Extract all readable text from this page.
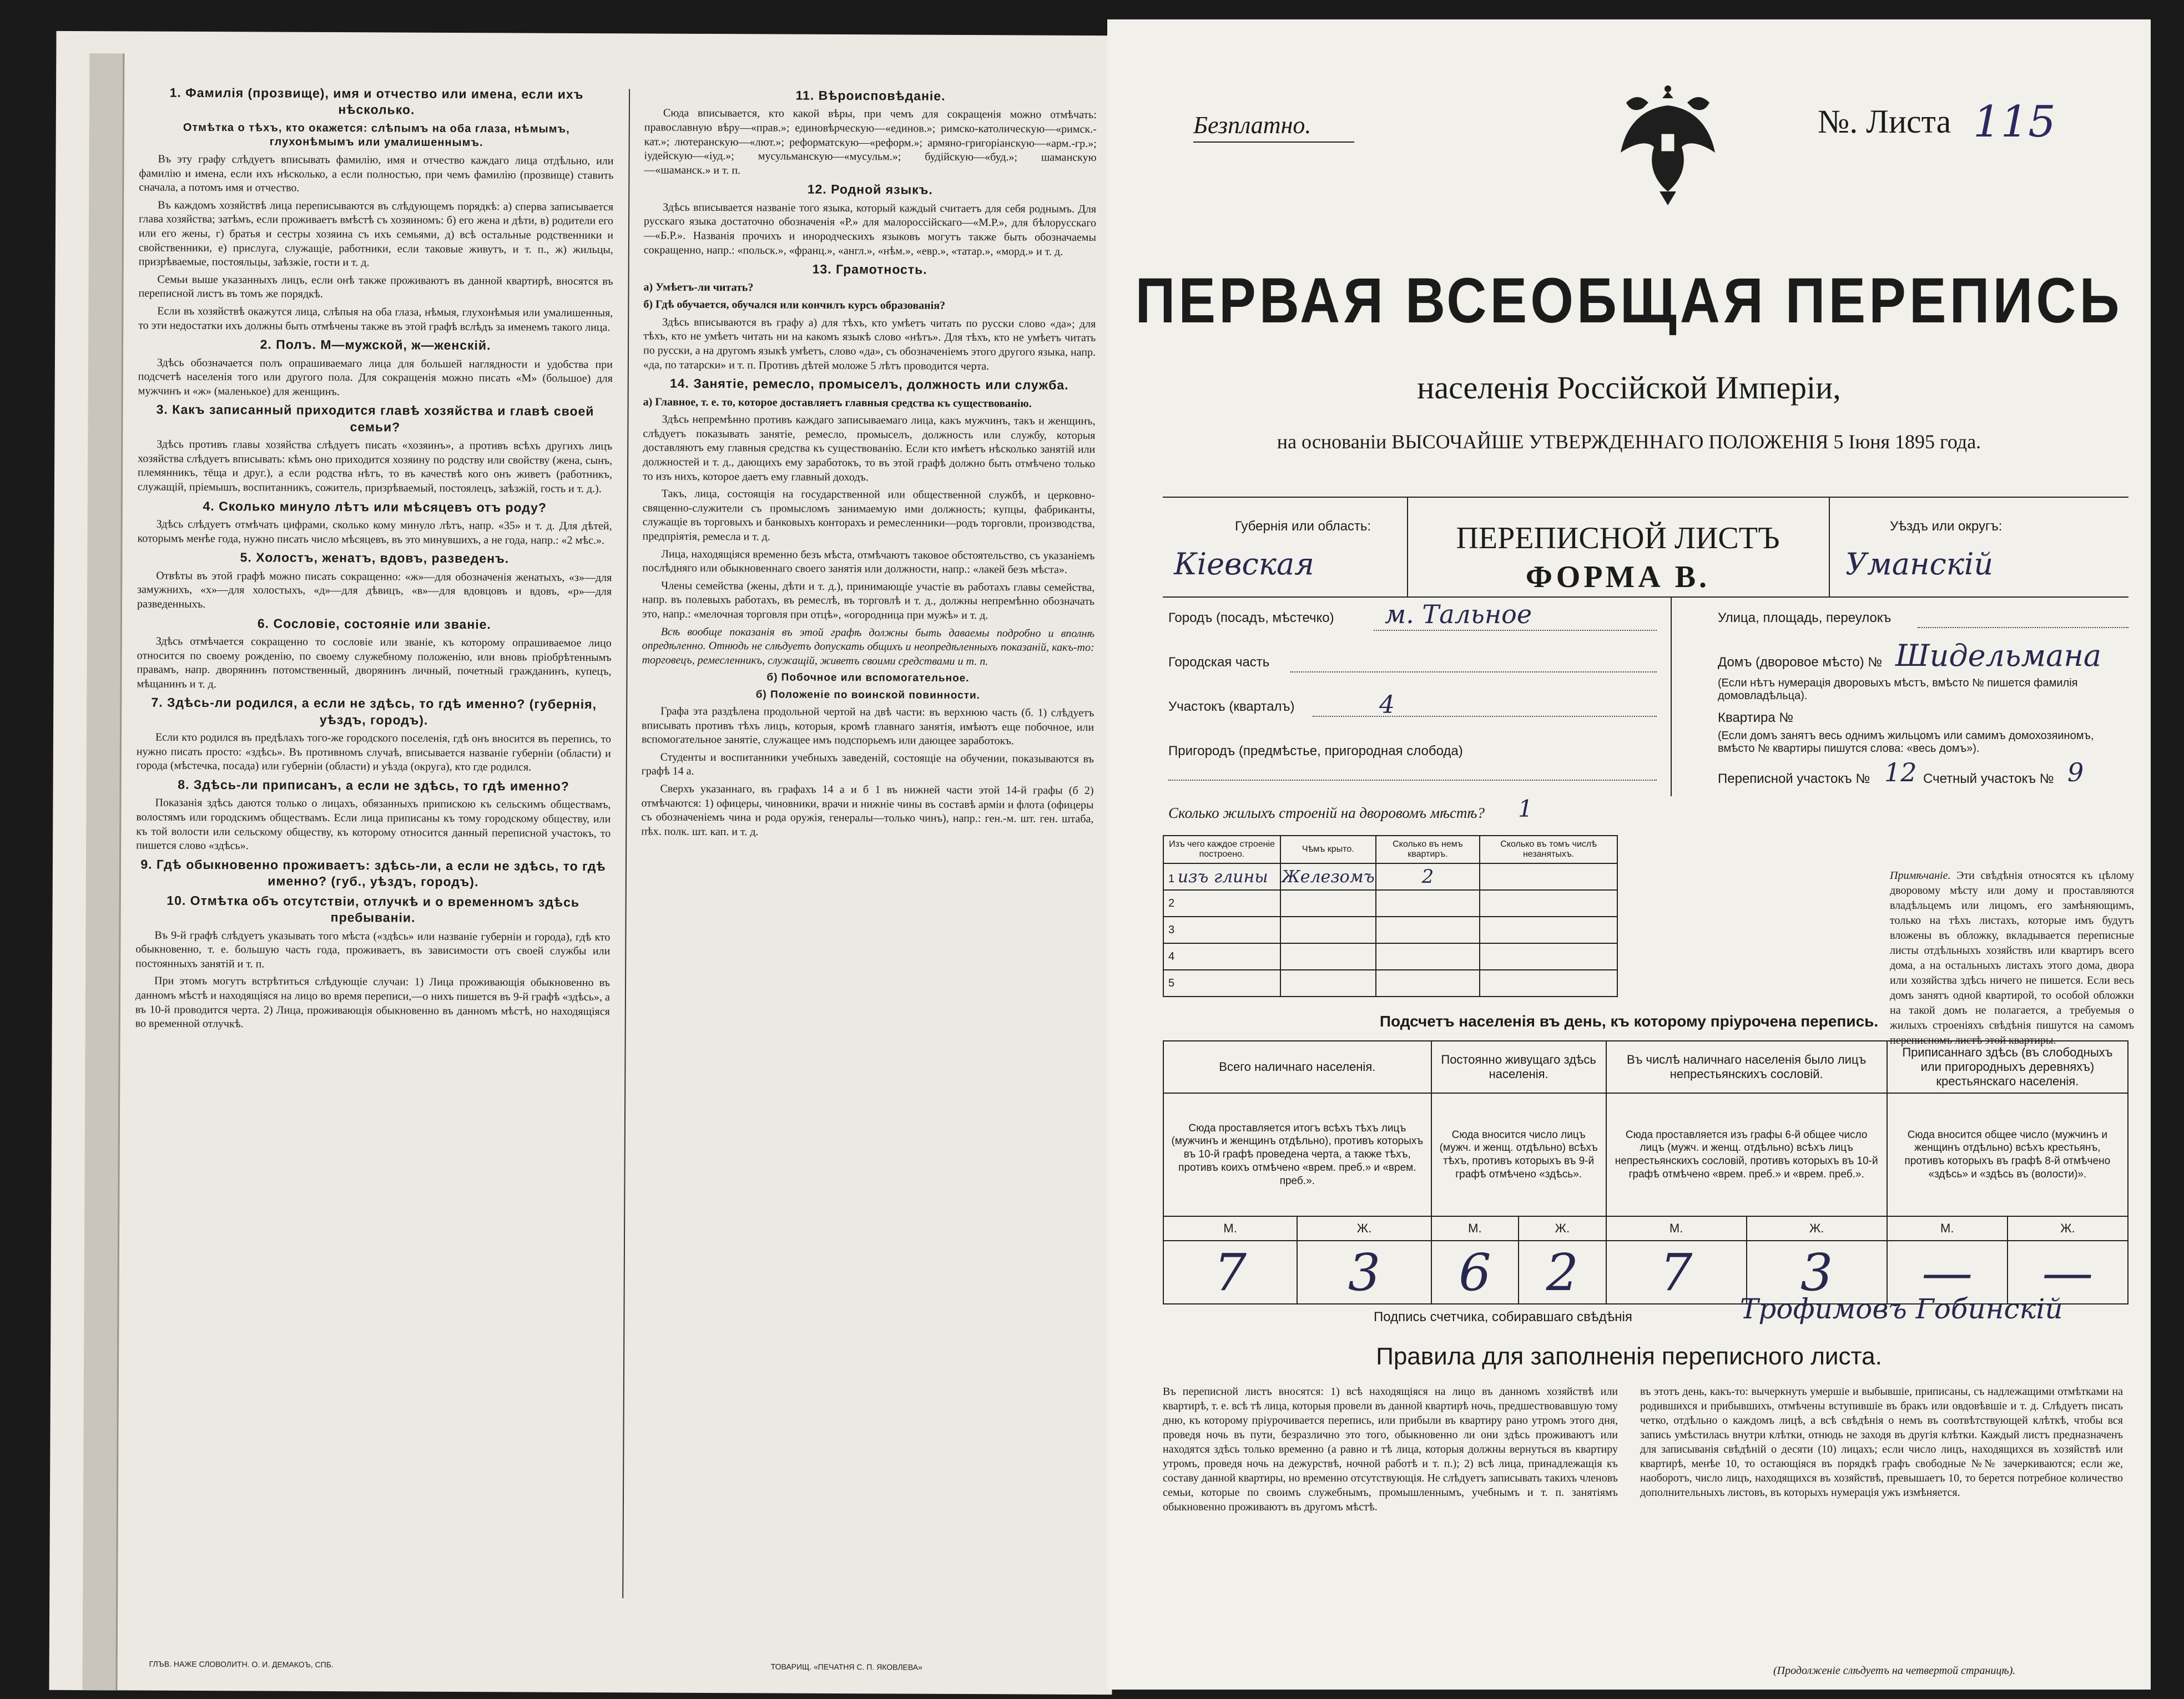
1. Фамилія (прозвище), имя и отчество или имена, если ихъ нѣсколько.
Отмѣтка о тѣхъ, кто окажется: слѣпымъ на оба глаза, нѣмымъ, глухонѣмымъ или умалишеннымъ.

Въ эту графу слѣдуетъ вписывать фамилію, имя и отчество каждаго лица отдѣльно, или фамилію и имена, если ихъ нѣсколько, а если полностью, при чемъ фамилію (прозвище) ставить сначала, а потомъ имя и отчество.

Въ каждомъ хозяйствѣ лица переписываются въ слѣдующемъ порядкѣ: а) сперва записывается глава хозяйства; затѣмъ, если проживаетъ вмѣстѣ съ хозяиномъ: б) его жена и дѣти, в) родители его или его жены, г) братья и сестры хозяина съ ихъ семьями, д) всѣ остальные родственники и свойственники, е) прислуга, служащіе, работники, если таковые живутъ, и т. п., ж) жильцы, призрѣваемые, постояльцы, заѣзжіе, гости и т. д.

Семьи выше указанныхъ лицъ, если онѣ также проживаютъ въ данной квартирѣ, вносятся въ переписной листъ въ томъ же порядкѣ.

Если въ хозяйствѣ окажутся лица, слѣпыя на оба глаза, нѣмыя, глухонѣмыя или умалишенныя, то эти недостатки ихъ должны быть отмѣчены также въ этой графѣ вслѣдъ за именемъ такого лица.

2. Полъ. М—мужской, ж—женскій.

Здѣсь обозначается полъ опрашиваемаго лица для большей наглядности и удобства при подсчетѣ населенія того или другого пола. Для сокращенія можно писать «М» (большое) для мужчинъ и «ж» (маленькое) для женщинъ.

3. Какъ записанный приходится главѣ хозяйства и главѣ своей семьи?

Здѣсь противъ главы хозяйства слѣдуетъ писать «хозяинъ», а противъ всѣхъ другихъ лицъ хозяйства слѣдуетъ вписывать: кѣмъ оно приходится хозяину по родству или свойству (жена, сынъ, племянникъ, тёща и друг.), а если родства нѣтъ, то въ качествѣ кого онъ живетъ (работникъ, служащій, пріемышъ, воспитанникъ, сожитель, призрѣваемый, постоялецъ, заѣзжій, гость и т. д.).

4. Сколько минуло лѣтъ или мѣсяцевъ отъ роду?

Здѣсь слѣдуетъ отмѣчать цифрами, сколько кому минуло лѣтъ, напр. «35» и т. д. Для дѣтей, которымъ менѣе года, нужно писать число мѣсяцевъ, въ это минувшихъ, а не года, напр.: «2 мѣс.».

5. Холостъ, женатъ, вдовъ, разведенъ.

Отвѣты въ этой графѣ можно писать сокращенно: «ж»—для обозначенія женатыхъ, «з»—для замужнихъ, «х»—для холостыхъ, «д»—для дѣвицъ, «в»—для вдовцовъ и вдовъ, «р»—для разведенныхъ.

6. Сословіе, состояніе или званіе.

Здѣсь отмѣчается сокращенно то сословіе или званіе, къ которому опрашиваемое лицо относится по своему рожденію, по своему служебному положенію, или вновь пріобрѣтеннымъ правамъ, напр. дворянинъ потомственный, дворянинъ личный, почетный гражданинъ, купецъ, мѣщанинъ и т. д.

7. Здѣсь-ли родился, а если не здѣсь, то гдѣ именно? (губернія, уѣздъ, городъ).

Если кто родился въ предѣлахъ того-же городского поселенія, гдѣ онъ вносится въ перепись, то нужно писать просто: «здѣсь». Въ противномъ случаѣ, вписывается названіе губерніи (области) и города (мѣстечка, посада) или губерніи (области) и уѣзда (округа), кто где родился.

8. Здѣсь-ли приписанъ, а если не здѣсь, то гдѣ именно?

Показанія здѣсь даются только о лицахъ, обязанныхъ припискою къ сельскимъ обществамъ, волостямъ или городскимъ обществамъ. Если лица приписаны къ тому городскому обществу, или къ той волости или сельскому обществу, къ которому относится данный переписной участокъ, то пишется слово «здѣсь».

9. Гдѣ обыкновенно проживаетъ: здѣсь-ли, а если не здѣсь, то гдѣ именно? (губ., уѣздъ, городъ).
10. Отмѣтка объ отсутствіи, отлучкѣ и о временномъ здѣсь пребываніи.

Въ 9-й графѣ слѣдуетъ указывать того мѣста («здѣсь» или названіе губерніи и города), гдѣ кто обыкновенно, т. е. большую часть года, проживаетъ, въ зависимости отъ своей службы или постоянныхъ занятій и т. п.

При этомъ могутъ встрѣтиться слѣдующіе случаи: 1) Лица проживающія обыкновенно въ данномъ мѣстѣ и находящіяся на лицо во время переписи,—о нихъ пишется въ 9-й графѣ «здѣсь», а въ 10-й проводится черта. 2) Лица, проживающія обыкновенно въ данномъ мѣстѣ, но находящіяся во временной отлучкѣ.

11. Вѣроисповѣданіе.

Сюда вписывается, кто какой вѣры, при чемъ для сокращенія можно отмѣчать: православную вѣру—«прав.»; единовѣрческую—«единов.»; римско-католическую—«римск.-кат.»; лютеранскую—«лют.»; реформатскую—«реформ.»; армяно-григоріанскую—«арм.-гр.»; іудейскую—«іуд.»; мусульманскую—«мусульм.»; будійскую—«буд.»; шаманскую—«шаманск.» и т. п.

12. Родной языкъ.

Здѣсь вписывается названіе того языка, который каждый считаетъ для себя роднымъ. Для русскаго языка достаточно обозначенія «Р.» для малороссійскаго—«М.Р.», для бѣлорусскаго—«Б.Р.». Названія прочихъ и инородческихъ языковъ могутъ также быть обозначаемы сокращенно, напр.: «польск.», «франц.», «англ.», «нѣм.», «евр.», «татар.», «морд.» и т. д.

13. Грамотность.

а) Умѣетъ-ли читать?

б) Гдѣ обучается, обучался или кончилъ курсъ образованія?

Здѣсь вписываются въ графу а) для тѣхъ, кто умѣетъ читать по русски слово «да»; для тѣхъ, кто не умѣетъ читать ни на какомъ языкѣ слово «нѣтъ». Для тѣхъ, кто не умѣетъ читать по русски, а на другомъ языкѣ умѣетъ, слово «да», съ обозначеніемъ этого другого языка, напр. «да, по татарски» и т. п. Противъ дѣтей моложе 5 лѣтъ проводится черта.

14. Занятіе, ремесло, промыселъ, должность или служба.

а) Главное, т. е. то, которое доставляетъ главныя средства къ существованію.

Здѣсь непремѣнно противъ каждаго записываемаго лица, какъ мужчинъ, такъ и женщинъ, слѣдуетъ показывать занятіе, ремесло, промыселъ, должность или службу, которыя доставляютъ ему главныя средства къ существованію. Если кто имѣетъ нѣсколько занятій или должностей и т. д., дающихъ ему заработокъ, то въ этой графѣ должно быть отмѣчено только то изъ нихъ, которое даетъ ему главный доходъ.

Такъ, лица, состоящія на государственной или общественной службѣ, и церковно-священно-служители съ промысломъ занимаемую ими должность; купцы, фабриканты, служащіе въ торговыхъ и банковыхъ конторахъ и ремесленники—родъ торговли, производства, предпріятія, ремесла и т. д.

Лица, находящіяся временно безъ мѣста, отмѣчаютъ таковое обстоятельство, съ указаніемъ послѣдняго или обыкновеннаго своего занятія или должности, напр.: «лакей безъ мѣста».

Члены семейства (жены, дѣти и т. д.), принимающіе участіе въ работахъ главы семейства, напр. въ полевыхъ работахъ, въ ремеслѣ, въ торговлѣ и т. д., должны непремѣнно обозначать это, напр.: «мелочная торговля при отцѣ», «огородница при мужѣ» и т. д.

Всѣ вообще показанія въ этой графѣ должны быть даваемы подробно и вполнѣ опредѣленно. Отнюдь не слѣдуетъ допускать общихъ и неопредѣленныхъ показаній, какъ-то: торговецъ, ремесленникъ, служащій, живетъ своими средствами и т. п.

б) Побочное или вспомогательное.
б) Положеніе по воинской повинности.

Графа эта раздѣлена продольной чертой на двѣ части: въ верхнюю часть (б. 1) слѣдуетъ вписывать противъ тѣхъ лицъ, которыя, кромѣ главнаго занятія, имѣютъ еще побочное, или вспомогательное занятіе, служащее имъ подспорьемъ или дающее заработокъ.

Студенты и воспитанники учебныхъ заведеній, состоящіе на обучении, показываются въ графѣ 14 а.

Сверхъ указаннаго, въ графахъ 14 а и б 1 въ нижней части этой 14-й графы (б 2) отмѣчаются: 1) офицеры, чиновники, врачи и нижніе чины въ составѣ арміи и флота (офицеры съ обозначеніемъ чина и рода оружія, генералы—только чинъ), напр.: ген.-м. шт. ген. штаба, пѣх. полк. шт. кап. и т. д.

ГЛЪВ. НАЖЕ СЛОВОЛИТН. О. И. ДЕМАКОЪ, СПБ.	ТОВАРИЩ. «ПЕЧАТНЯ С. П. ЯКОВЛЕВА»
Безплатно.	№. Листа 115
ПЕРВАЯ ВСЕОБЩАЯ ПЕРЕПИСЬ
населенія Россійской Имперіи,
на основаніи ВЫСОЧАЙШЕ УТВЕРЖДЕННАГО ПОЛОЖЕНІЯ 5 Іюня 1895 года.
ПЕРЕПИСНОЙ ЛИСТЪ
ФОРМА В.
Губернія или область:
Кіевская
Уѣздъ или округъ:
Уманскій
Городъ (посадъ, мѣстечко) м. Тальное
Городская часть
Участокъ (кварталъ)	4
Пригородъ (предмѣстье, пригородная слобода)
Улица, площадь, переулокъ
Домъ (дворовое мѣсто) № Шидельмана
(Если нѣтъ нумерація дворовыхъ мѣстъ, вмѣсто № пишется фамилія домовладѣльца).
Квартира №
(Если домъ занятъ весь однимъ жильцомъ или самимъ домохозяиномъ, вмѣсто № квартиры пишутся слова: «весь домъ»).
Переписной участокъ № 12 Счетный участокъ № 9
Сколько жилыхъ строеній на дворовомъ мѣстѣ? 1
Изъ чего каждое строеніе построено.	Чѣмъ крыто.	Сколько въ немъ квартиръ.	Сколько въ томъ числѣ незанятыхъ.
1 изъ глины	Железомъ	2	
2			
3			
4			
5			
Примѣчаніе. Эти свѣдѣнія относятся къ цѣлому дворовому мѣсту или дому и проставляются владѣльцемъ или лицомъ, его замѣняющимъ, только на тѣхъ листахъ, которые имъ будутъ вложены въ обложку, вкладывается переписные листы отдѣльныхъ хозяйствъ или квартиръ всего дома, а на остальныхъ листахъ этого дома, двора или хозяйства здѣсь ничего не пишется. Если весь домъ занятъ одной квартирой, то особой обложки на такой домъ не полагается, а требуемыя о жилыхъ строеніяхъ свѣдѣнія пишутся на самомъ переписномъ листѣ этой квартиры.
Подсчетъ населенія въ день, къ которому пріурочена перепись.
Всего наличнаго населенія.		Постоянно живущаго здѣсь населенія.		Въ числѣ наличнаго населенія было лицъ непрестьянскихъ сословій.		Приписаннаго здѣсь (въ слободныхъ или пригородныхъ деревняхъ) крестьянскаго населенія.	
Сюда проставляется итогъ всѣхъ тѣхъ лицъ (мужчинъ и женщинъ отдѣльно), противъ которыхъ въ 10-й графѣ проведена черта, а также тѣхъ, противъ коихъ отмѣчено «врем. преб.» и «врем. преб.».		Сюда вносится число лицъ (мужч. и женщ. отдѣльно) всѣхъ тѣхъ, противъ которыхъ въ 9-й графѣ отмѣчено «здѣсь».		Сюда проставляется изъ графы 6-й общее число лицъ (мужч. и женщ. отдѣльно) всѣхъ лицъ непрестьянскихъ сословій, противъ которыхъ въ 10-й графѣ отмѣчено «врем. преб.» и «врем. преб.».		Сюда вносится общее число (мужчинъ и женщинъ отдѣльно) всѣхъ крестьянъ, противъ которыхъ въ графѣ 8-й отмѣчено «здѣсь» и «здѣсь въ (волости)».	
М.	Ж.	М.	Ж.	М.	Ж.	М.	Ж.
7	3	6	2	7	3	—	—
Подпись счетчика, собиравшаго свѣдѣнія	Трофимовъ Гобинскій
Правила для заполненія переписного листа.
Въ переписной листъ вносятся: 1) всѣ находящіяся на лицо въ данномъ хозяйствѣ или квартирѣ, т. е. всѣ тѣ лица, которыя провели въ данной квартирѣ ночь, предшествовавшую тому дню, къ которому пріурочивается перепись, или прибыли въ квартиру рано утромъ этого дня, проведя ночь въ пути, безразлично это того, обыкновенно ли они здѣсь проживаютъ или находятся здѣсь только временно (а равно и тѣ лица, которыя должны вернуться въ квартиру утромъ, проведя ночь на дежурствѣ, ночной работѣ и т. п.); 2) всѣ лица, принадлежащія къ составу данной квартиры, но временно отсутствующія. Не слѣдуетъ записывать такихъ членовъ семьи, которые по своимъ служебнымъ, промышленнымъ, учебнымъ и т. п. занятіямъ обыкновенно проживаютъ въ другомъ мѣстѣ.
въ этотъ день, какъ-то: вычеркнуть умершіе и выбывшіе, приписаны, съ надлежащими отмѣтками на родившихся и прибывшихъ, отмѣчены вступившіе въ бракъ или овдовѣвшіе и т. д. Слѣдуетъ писать четко, отдѣльно о каждомъ лицѣ, а всѣ свѣдѣнія о немъ въ соотвѣтствующей клѣткѣ, чтобы вся запись умѣстилась внутри клѣтки, отнюдь не заходя въ другія клѣтки. Каждый листъ предназначенъ для записыванія свѣдѣній о десяти (10) лицахъ; если число лицъ, находящихся въ хозяйствѣ или квартирѣ, менѣе 10, то остающіяся въ порядкѣ графъ свободные №№ зачеркиваются; если же, наоборотъ, число лицъ, находящихся въ хозяйствѣ, превышаетъ 10, то берется потребное количество дополнительныхъ листовъ, въ которыхъ нумерація ужъ измѣняется.
(Продолженіе слѣдуетъ на четвертой страницѣ).
